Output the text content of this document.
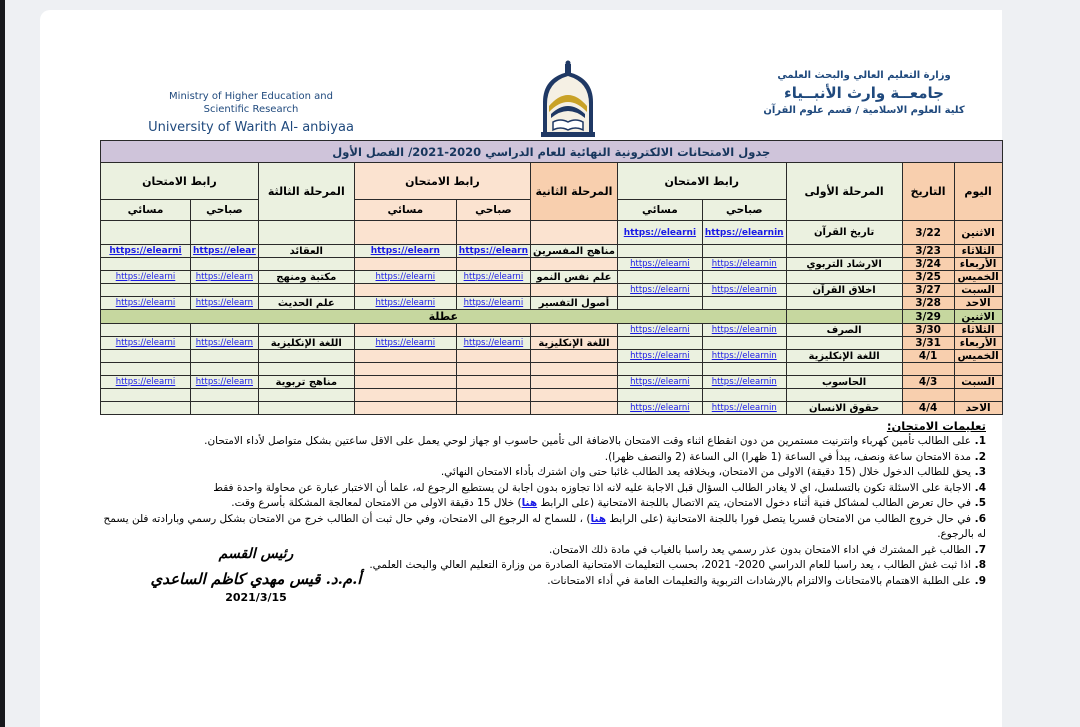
Ministry of Higher Education and
Scientific Research
University of Warith Al- anbiyaa
وزارة التعليم العالي والبحث العلمي
جامعــة وارث الأنبــياء
كلية العلوم الاسلامية / قسم علوم القرآن
جدول الامتحانات الالكترونية النهائية للعام الدراسي 2020-2021/ الفصل الأول										
اليوم	التاريخ	المرحلة الأولى	رابط الامتحان		المرحلة الثانية	رابط الامتحان		المرحلة الثالثة	رابط الامتحان	
			صباحي	مسائي		صباحي	مسائي		صباحي	مسائي
الاثنين	3/22	تاريخ القرآن	https://elearnin	https://elearni						
الثلاثاء	3/23				مناهج المفسرين	https://elearn	https://elearn	العقائد	https://elear	https://elearni
الأربعاء	3/24	الارشاد التربوي	https://elearnin	https://elearni						
الخميس	3/25				علم نفس النمو	https://elearni	https://elearni	مكتبة ومنهج	https://elearn	https://elearni
السبت	3/27	اخلاق القرآن	https://elearnin	https://elearni						
الاحد	3/28				أصول التفسير	https://elearni	https://elearni	علم الحديث	https://elearn	https://elearni
الاثنين	3/29		عطلة							
الثلاثاء	3/30	الصرف	https://elearnin	https://elearni						
الأربعاء	3/31				اللغة الإنكليزية	https://elearni	https://elearni	اللغة الإنكليزية	https://elearn	https://elearni
الخميس	4/1	اللغة الإنكليزية	https://elearnin	https://elearni						

السبت	4/3	الحاسوب	https://elearnin	https://elearni				مناهج تربوية	https://elearn	https://elearni

الاحد	4/4	حقوق الانسان	https://elearnin	https://elearni						
تعليمات الامتحان:
1. على الطالب تأمين كهرباء وانترنيت مستمرين من دون انقطاع اثناء وقت الامتحان بالاضافة الى تأمين حاسوب او جهاز لوحي يعمل على الاقل ساعتين بشكل متواصل لأداء الامتحان.
2. مدة الامتحان ساعة ونصف، يبدأ في الساعة (1 ظهرا) الى الساعة (2 والنصف ظهرا).
3. يحق للطالب الدخول خلال (15 دقيقة) الاولى من الامتحان، وبخلافه يعد الطالب غائبا حتى وان اشترك بأداء الامتحان النهائي.
4. الاجابة على الاسئلة تكون بالتسلسل، اي لا يغادر الطالب السؤال قبل الاجابة عليه لانه اذا تجاوزه بدون اجابة لن يستطيع الرجوع له، علما أن الاختبار عبارة عن محاولة واحدة فقط
5. في حال تعرض الطالب لمشاكل فنية أثناء دخول الامتحان، يتم الاتصال باللجنة الامتحانية (على الرابط هنا) خلال 15 دقيقة الاولى من الامتحان لمعالجة المشكلة بأسرع وقت.
6. في حال خروج الطالب من الامتحان قسريا يتصل فورا باللجنة الامتحانية (على الرابط هنا) ، للسماح له الرجوع الى الامتحان، وفي حال ثبت أن الطالب خرج من الامتحان بشكل رسمي وبارادته فلن يسمح له بالرجوع.
7. الطالب غير المشترك في اداء الامتحان بدون عذر رسمي يعد راسبا بالغياب في مادة ذلك الامتحان.
8. اذا ثبت غش الطالب ، يعد راسبا للعام الدراسي 2020- 2021، بحسب التعليمات الامتحانية الصادرة من وزارة التعليم العالي والبحث العلمي.
9. على الطلبة الاهتمام بالامتحانات والالتزام بالإرشادات التربوية والتعليمات العامة في أداء الامتحانات.
رئيس القسم
أ.م.د. قيس مهدي كاظم الساعدي
2021/3/15
